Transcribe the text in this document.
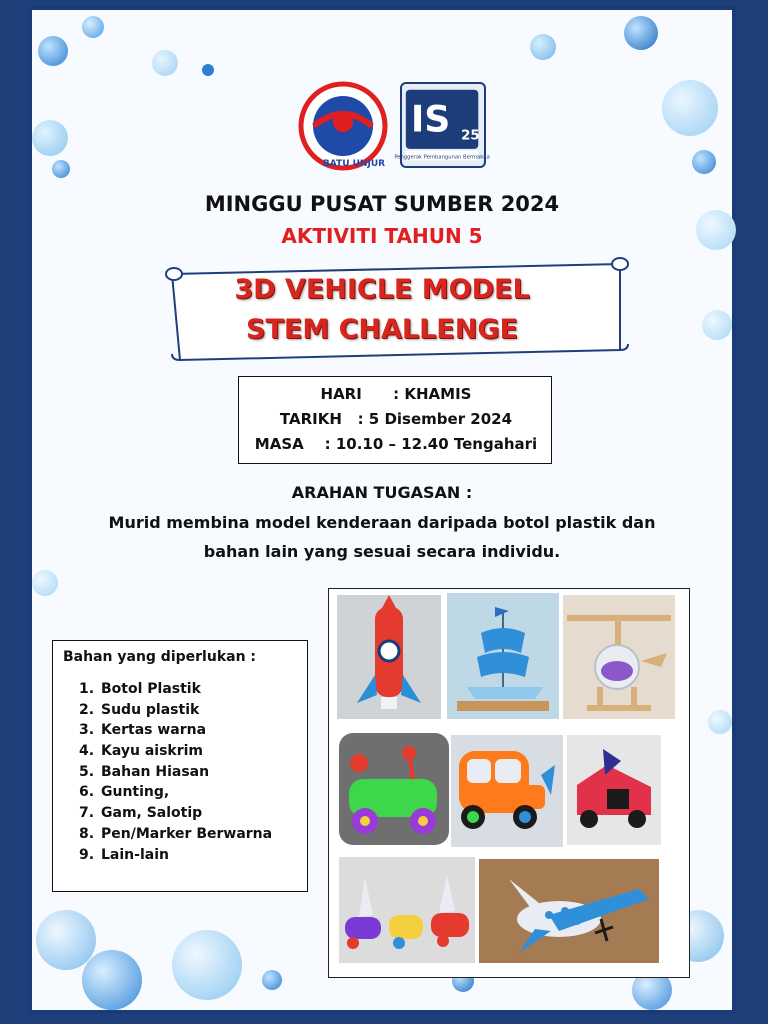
BATU UNJUR
IS 25
Penggerak Pembangunan Bermakna
MINGGU PUSAT SUMBER 2024
AKTIVITI TAHUN 5
3D VEHICLE MODEL
STEM CHALLENGE
HARI      : KHAMIS
TARIKH   : 5 Disember 2024
MASA    : 10.10 – 12.40 Tengahari
ARAHAN TUGASAN :
Murid membina model kenderaan daripada botol plastik dan
bahan lain yang sesuai secara individu.
Bahan yang diperlukan :
1. Botol Plastik
2. Sudu plastik
3. Kertas warna
4. Kayu aiskrim
5. Bahan Hiasan
6. Gunting,
7. Gam, Salotip
8. Pen/Marker Berwarna
9. Lain-lain
